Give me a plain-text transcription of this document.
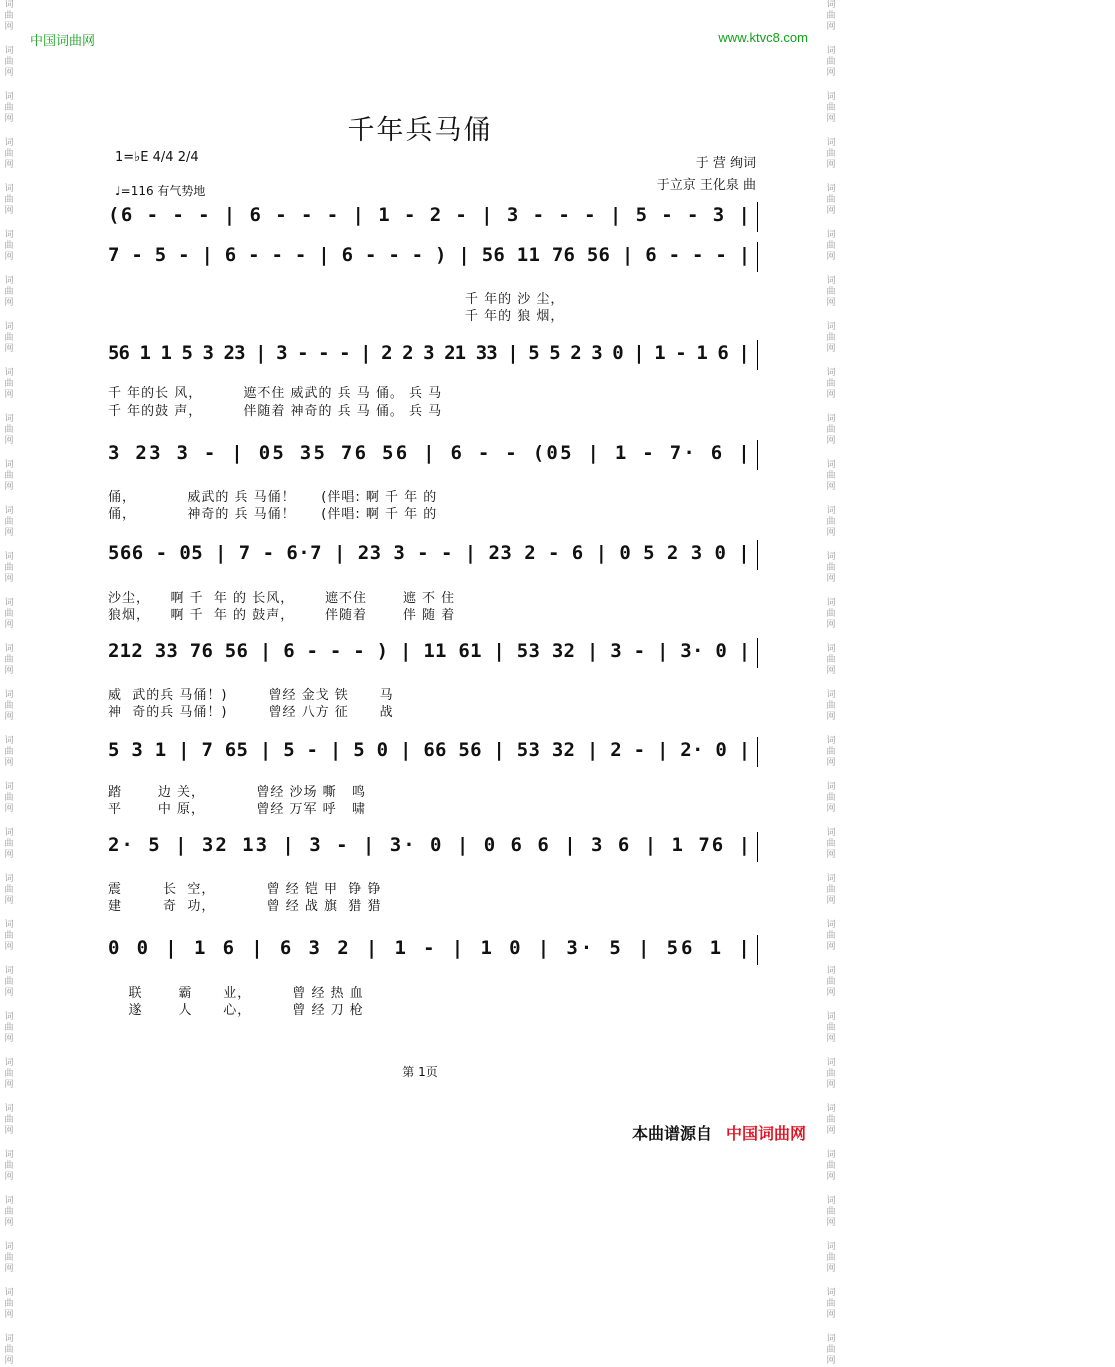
词
曲
网
词
曲
网
词
曲
网
词
曲
网
词
曲
网
词
曲
网
词
曲
网
词
曲
网
词
曲
网
词
曲
网
词
曲
网
词
曲
网
词
曲
网
词
曲
网
词
曲
网
词
曲
网
词
曲
网
词
曲
网
词
曲
网
词
曲
网
词
曲
网
词
曲
网
词
曲
网
词
曲
网
词
曲
网
词
曲
网
词
曲
网
词
曲
网
词
曲
网
词
曲
网
词
曲
网
词
曲
网
词
曲
网
词
曲
网
词
曲
网
词
曲
网
词
曲
网
词
曲
网
词
曲
网
词
曲
网
词
曲
网
词
曲
网
词
曲
网
词
曲
网
词
曲
网
词
曲
网
词
曲
网
词
曲
网
词
曲
网
词
曲
网
词
曲
网
词
曲
网
词
曲
网
词
曲
网
词
曲
网
词
曲
网
词
曲
网
词
曲
网
词
曲
网
词
曲
网
中国词曲网	www.ktvc8.com
千年兵马俑
1=♭E 4/4 2/4
♩=116 有气势地
于 营 绚词
于立京 王化泉 曲
(6 - - - | 6 - - - | 1 - 2 - | 3 - - - | 5 - - 3 |
7 - 5 - | 6 - - - | 6 - - - ) | 56 11 76 56 | 6 - - - |
千 年的 沙 尘，
千 年的 狼 烟，
56 1 1 5 3 23 | 3 - - - | 2 2 3 21 33 | 5 5 2 3 0 | 1 - 1 6 |
千 年的长 风，        遮不住 威武的 兵 马 俑。 兵 马
千 年的鼓 声，        伴随着 神奇的 兵 马 俑。 兵 马
3 23 3 - | 05 35 76 56 | 6 - - (05 | 1 - 7· 6 |
俑，          威武的 兵 马俑！     (伴唱: 啊 千 年 的
俑，          神奇的 兵 马俑！     (伴唱: 啊 千 年 的
566 - 05 | 7 - 6·7 | 23 3 - - | 23 2 - 6 | 0 5 2 3 0 |
沙尘，    啊 千  年 的 长风，      遮不住       遮 不 住
狼烟，    啊 千  年 的 鼓声，      伴随着       伴 随 着
212 33 76 56 | 6 - - - ) | 11 61 | 53 32 | 3 - | 3· 0 |
威  武的兵 马俑！)        曾经 金戈 铁      马
神  奇的兵 马俑！)        曾经 八方 征      战
5 3 1 | 7 65 | 5 - | 5 0 | 66 56 | 53 32 | 2 - | 2· 0 |
踏       边 关，          曾经 沙场 嘶   鸣
平       中 原，          曾经 万军 呼   啸
2· 5 | 32 13 | 3 - | 3· 0 | 0 6 6 | 3 6 | 1 76 |
震        长  空，          曾 经 铠 甲  铮 铮
建        奇  功，          曾 经 战 旗  猎 猎
0 0 | 1 6 | 6 3 2 | 1 - | 1 0 | 3· 5 | 56 1 |
联       霸      业，        曾 经 热 血
遂       人      心，        曾 经 刀 枪
第 1页
本曲谱源自 中国词曲网
